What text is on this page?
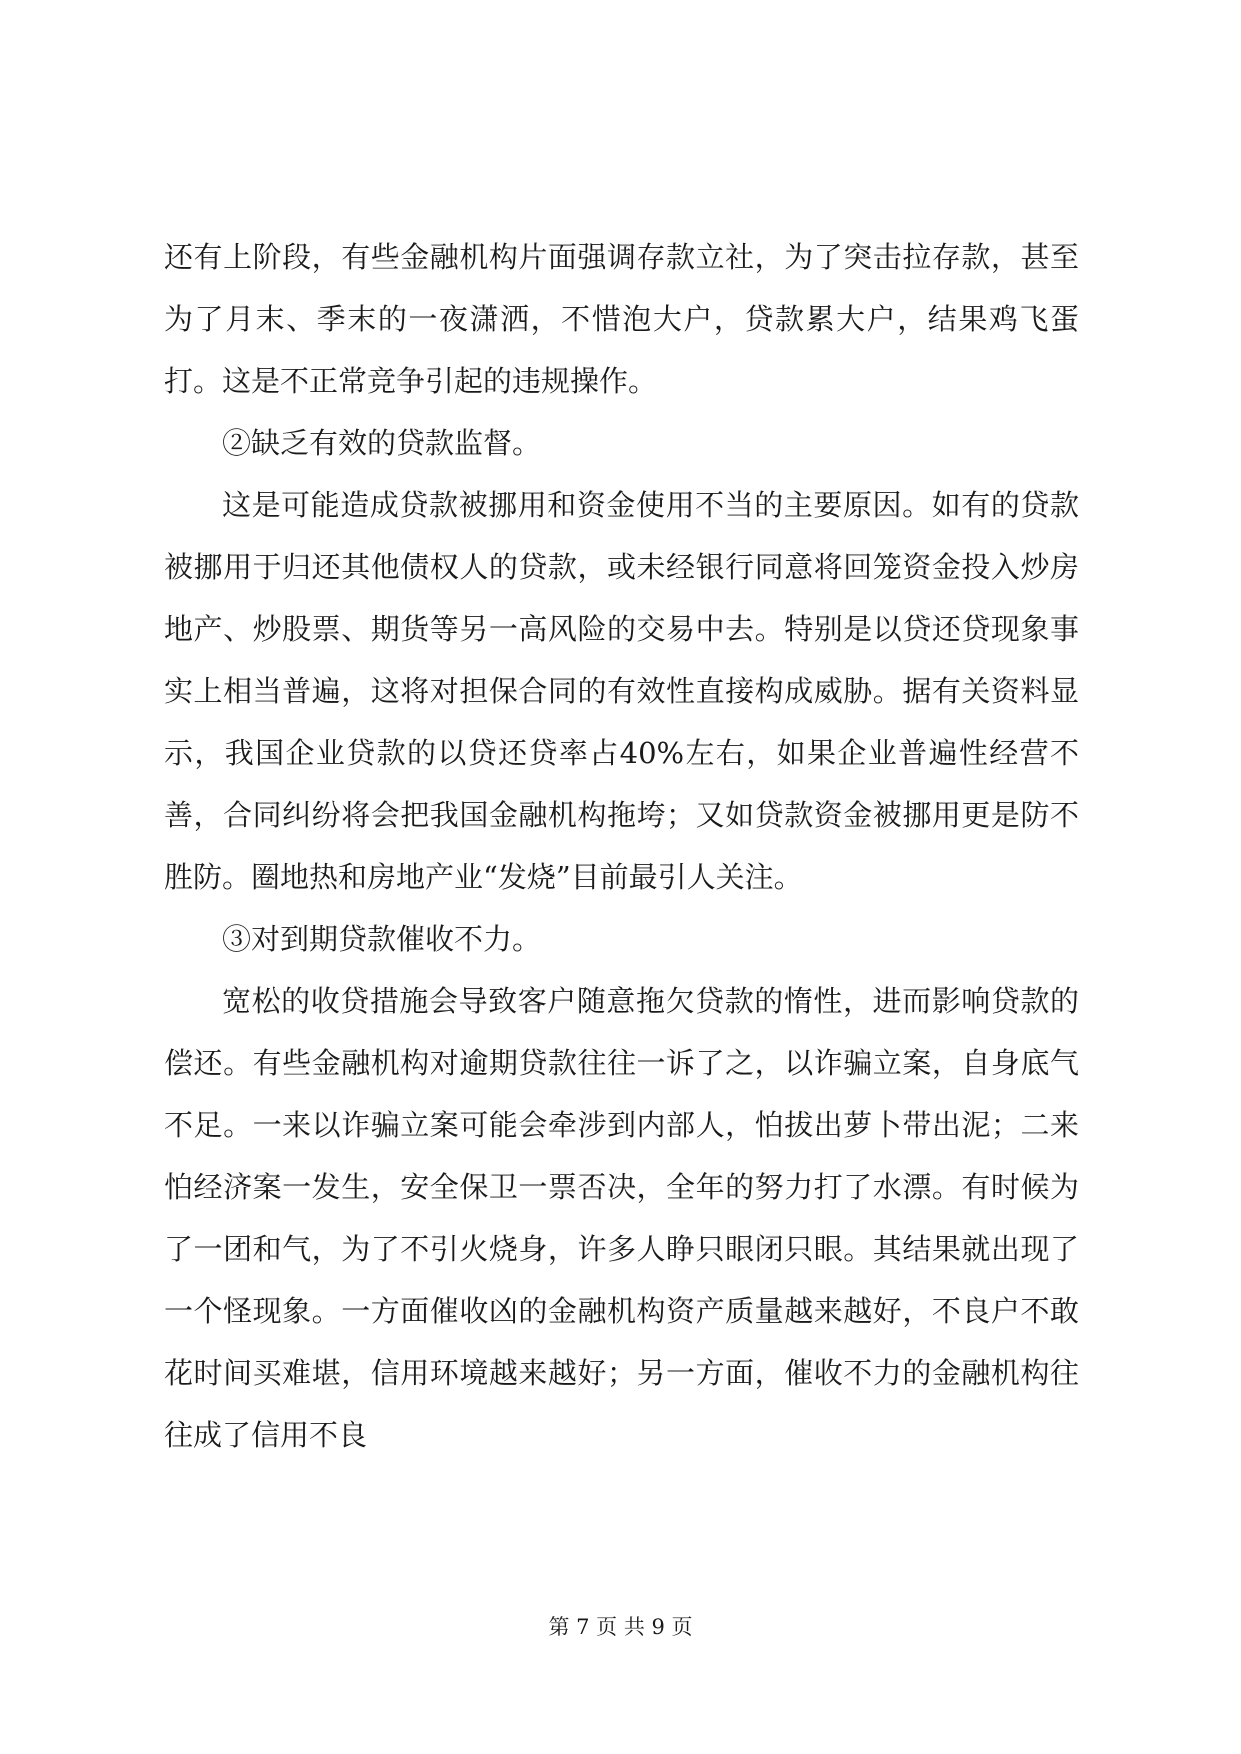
还有上阶段，有些金融机构片面强调存款立社，为了突击拉存款，甚至为了月末、季末的一夜潇洒，不惜泡大户，贷款累大户，结果鸡飞蛋打。这是不正常竞争引起的违规操作。

②缺乏有效的贷款监督。

这是可能造成贷款被挪用和资金使用不当的主要原因。如有的贷款被挪用于归还其他债权人的贷款，或未经银行同意将回笼资金投入炒房地产、炒股票、期货等另一高风险的交易中去。特别是以贷还贷现象事实上相当普遍，这将对担保合同的有效性直接构成威胁。据有关资料显示，我国企业贷款的以贷还贷率占40%左右，如果企业普遍性经营不善，合同纠纷将会把我国金融机构拖垮；又如贷款资金被挪用更是防不胜防。圈地热和房地产业“发烧”目前最引人关注。

③对到期贷款催收不力。

宽松的收贷措施会导致客户随意拖欠贷款的惰性，进而影响贷款的偿还。有些金融机构对逾期贷款往往一诉了之，以诈骗立案，自身底气不足。一来以诈骗立案可能会牵涉到内部人，怕拔出萝卜带出泥；二来怕经济案一发生，安全保卫一票否决，全年的努力打了水漂。有时候为了一团和气，为了不引火烧身，许多人睁只眼闭只眼。其结果就出现了一个怪现象。一方面催收凶的金融机构资产质量越来越好，不良户不敢花时间买难堪，信用环境越来越好；另一方面，催收不力的金融机构往往成了信用不良

第 7 页 共 9 页
